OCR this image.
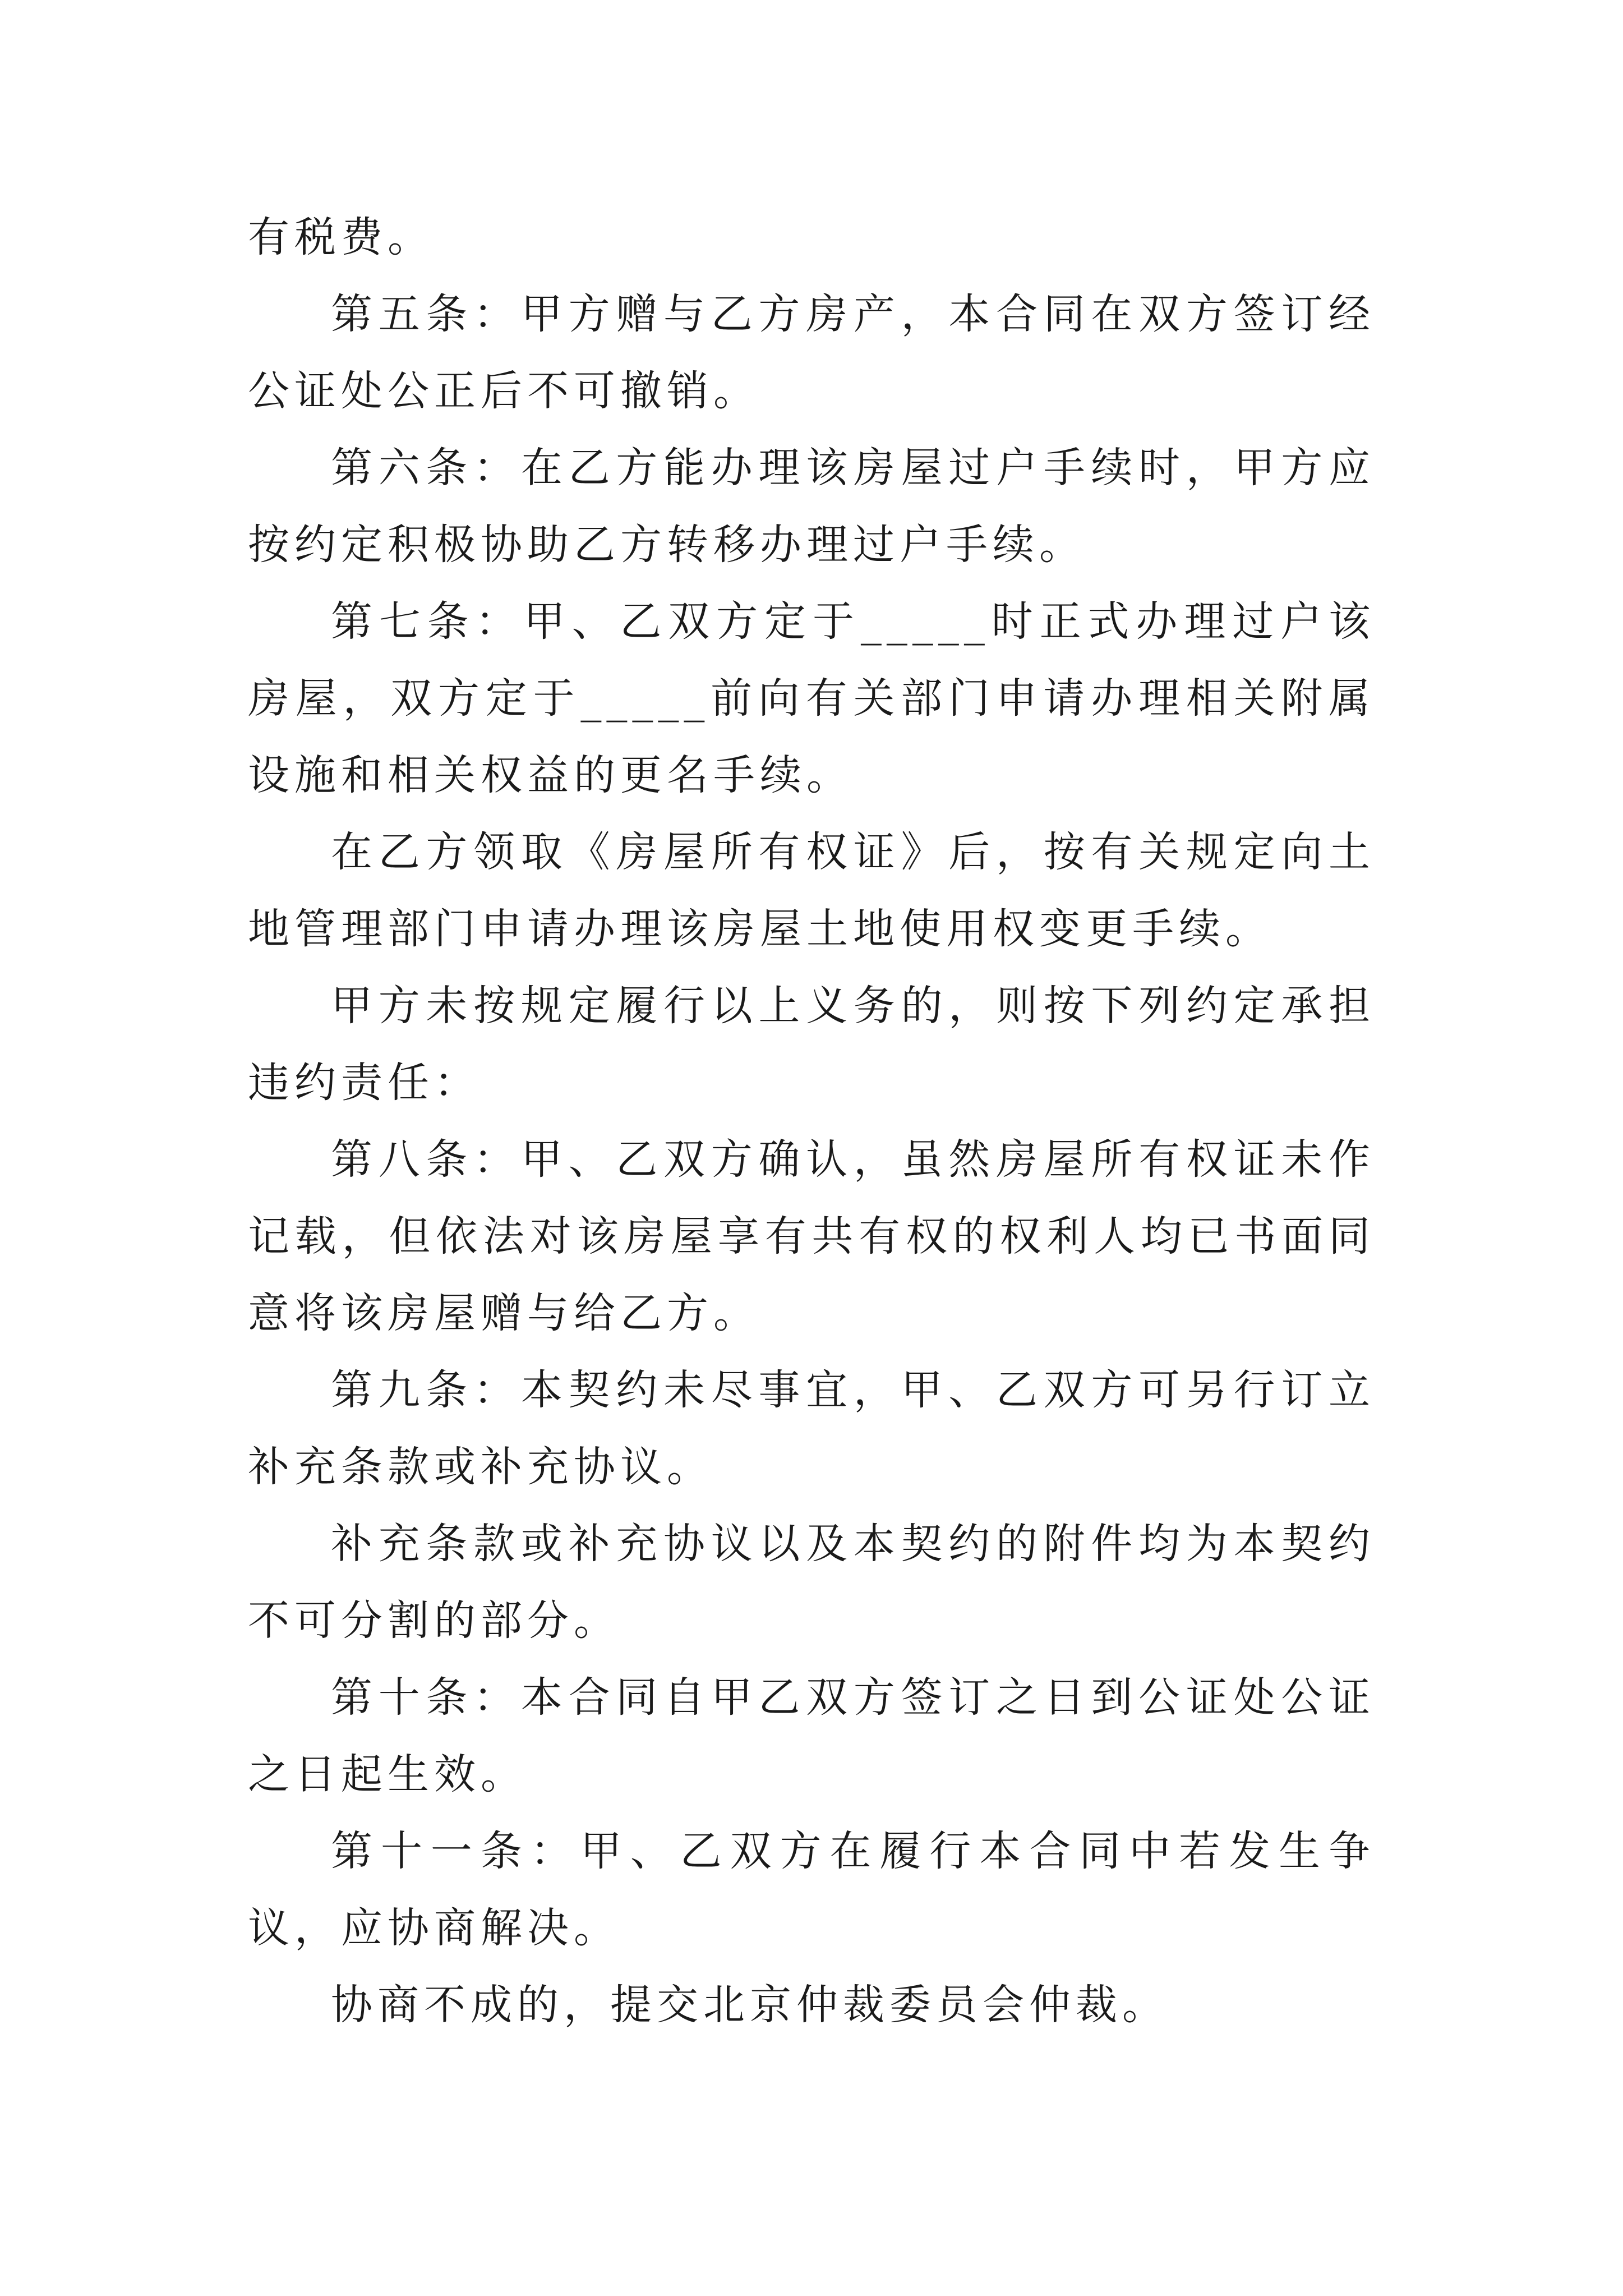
有税费。

第五条：甲方赠与乙方房产，本合同在双方签订经公证处公正后不可撤销。

第六条：在乙方能办理该房屋过户手续时，甲方应按约定积极协助乙方转移办理过户手续。

第七条：甲、乙双方定于_____时正式办理过户该房屋，双方定于_____前向有关部门申请办理相关附属设施和相关权益的更名手续。

在乙方领取《房屋所有权证》后，按有关规定向土地管理部门申请办理该房屋土地使用权变更手续。

甲方未按规定履行以上义务的，则按下列约定承担违约责任：

第八条：甲、乙双方确认，虽然房屋所有权证未作记载，但依法对该房屋享有共有权的权利人均已书面同意将该房屋赠与给乙方。

第九条：本契约未尽事宜，甲、乙双方可另行订立补充条款或补充协议。

补充条款或补充协议以及本契约的附件均为本契约不可分割的部分。

第十条：本合同自甲乙双方签订之日到公证处公证之日起生效。

第十一条：甲、乙双方在履行本合同中若发生争议，应协商解决。

协商不成的，提交北京仲裁委员会仲裁。
